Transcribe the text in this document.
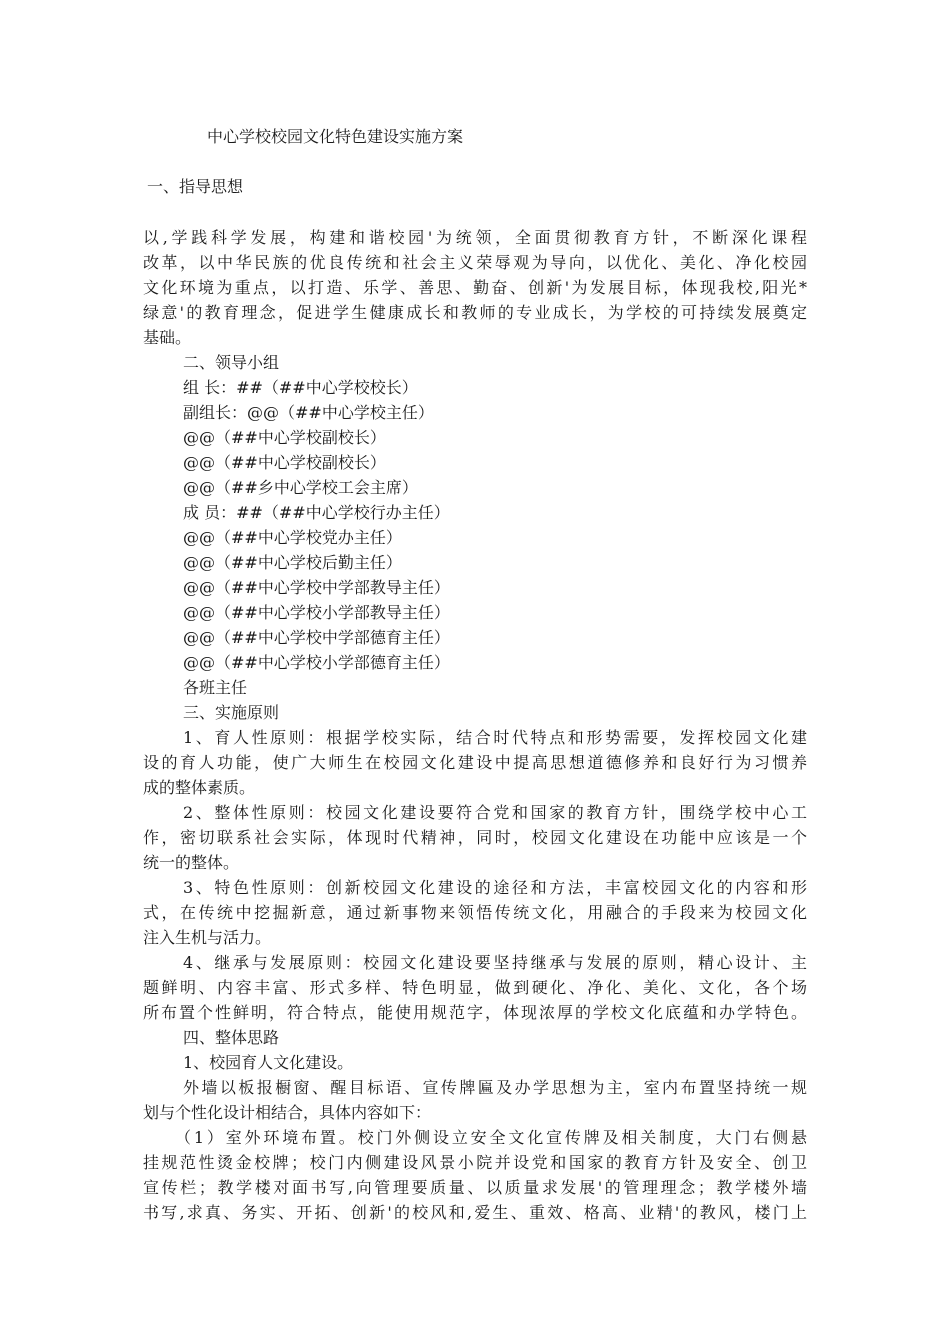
中心学校校园文化特色建设实施方案
一、指导思想
以,学践科学发展，构建和谐校园'为统领，全面贯彻教育方针，不断深化课程
改革，以中华民族的优良传统和社会主义荣辱观为导向，以优化、美化、净化校园
文化环境为重点，以打造、乐学、善思、勤奋、创新'为发展目标，体现我校,阳光*
绿意'的教育理念，促进学生健康成长和教师的专业成长，为学校的可持续发展奠定
基础。
二、领导小组
组 长：##（##中心学校校长）
副组长：@@（##中心学校主任）
@@（##中心学校副校长）
@@（##中心学校副校长）
@@（##乡中心学校工会主席）
成 员：##（##中心学校行办主任）
@@（##中心学校党办主任）
@@（##中心学校后勤主任）
@@（##中心学校中学部教导主任）
@@（##中心学校小学部教导主任）
@@（##中心学校中学部德育主任）
@@（##中心学校小学部德育主任）
各班主任
三、实施原则
1、育人性原则：根据学校实际，结合时代特点和形势需要，发挥校园文化建
设的育人功能，使广大师生在校园文化建设中提高思想道德修养和良好行为习惯养
成的整体素质。
2、整体性原则：校园文化建设要符合党和国家的教育方针，围绕学校中心工
作，密切联系社会实际，体现时代精神，同时，校园文化建设在功能中应该是一个
统一的整体。
3、特色性原则：创新校园文化建设的途径和方法，丰富校园文化的内容和形
式，在传统中挖掘新意，通过新事物来领悟传统文化，用融合的手段来为校园文化
注入生机与活力。
4、继承与发展原则：校园文化建设要坚持继承与发展的原则，精心设计、主
题鲜明、内容丰富、形式多样、特色明显，做到硬化、净化、美化、文化，各个场
所布置个性鲜明，符合特点，能使用规范字，体现浓厚的学校文化底蕴和办学特色。
四、整体思路
1、校园育人文化建设。
外墙以板报橱窗、醒目标语、宣传牌匾及办学思想为主，室内布置坚持统一规
划与个性化设计相结合，具体内容如下：
（1）室外环境布置。校门外侧设立安全文化宣传牌及相关制度，大门右侧悬
挂规范性烫金校牌；校门内侧建设风景小院并设党和国家的教育方针及安全、创卫
宣传栏；教学楼对面书写,向管理要质量、以质量求发展'的管理理念；教学楼外墙
书写,求真、务实、开拓、创新'的校风和,爱生、重效、格高、业精'的教风，楼门上
